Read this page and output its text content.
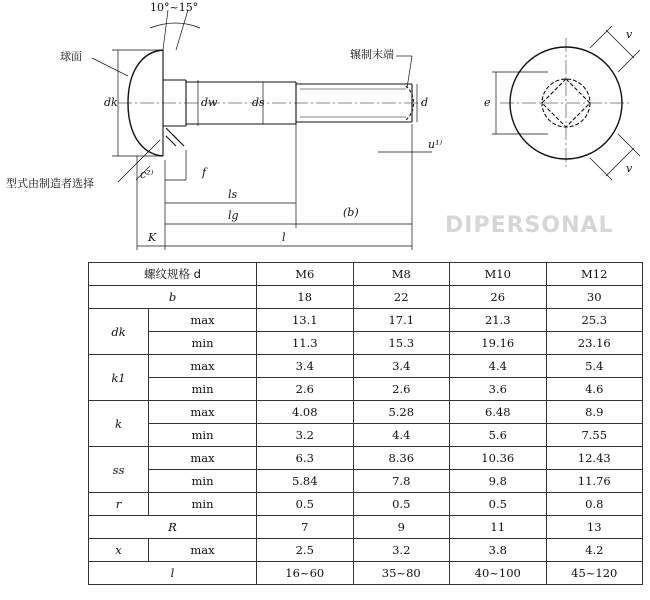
DIPERSONAL
10°~15°
球面	辗制末端
型式由制造者选择
dk	dw	ds	d
c²⁾	f
ls
lg
l
K
u¹⁾
(b)
e
v
v
螺纹规格 d		M6	M8	M10	M12
b		18	22	26	30
dk	max	13.1	17.1	21.3	25.3
	min	11.3	15.3	19.16	23.16
k1	max	3.4	3.4	4.4	5.4
	min	2.6	2.6	3.6	4.6
k	max	4.08	5.28	6.48	8.9
	min	3.2	4.4	5.6	7.55
ss	max	6.3	8.36	10.36	12.43
	min	5.84	7.8	9.8	11.76
r	min	0.5	0.5	0.5	0.8
R		7	9	11	13
x	max	2.5	3.2	3.8	4.2
l		16~60	35~80	40~100	45~120
